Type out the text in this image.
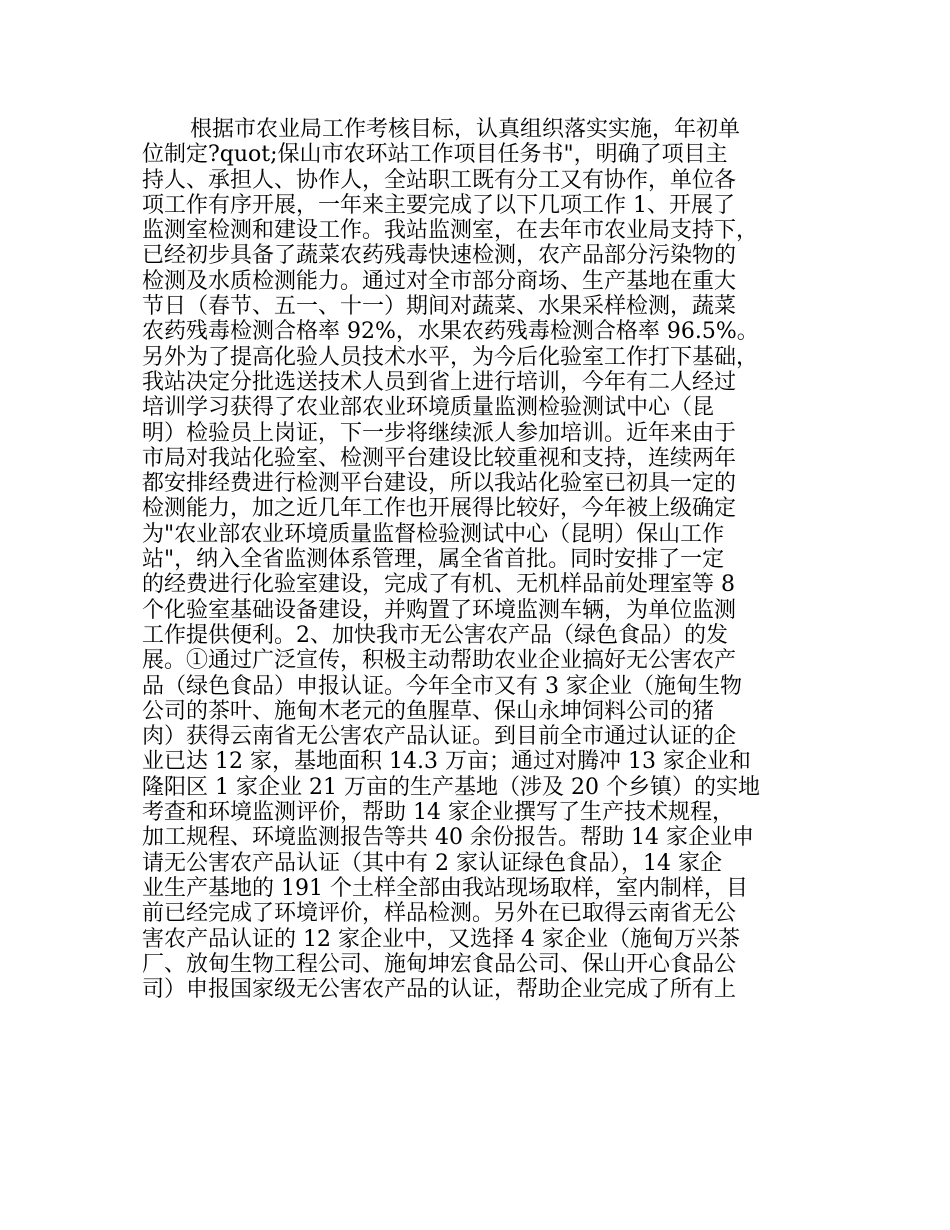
根据市农业局工作考核目标，认真组织落实实施，年初单
位制定?quot;保山市农环站工作项目任务书"，明确了项目主
持人、承担人、协作人，全站职工既有分工又有协作，单位各
项工作有序开展，一年来主要完成了以下几项工作 1、开展了
监测室检测和建设工作。我站监测室，在去年市农业局支持下，
已经初步具备了蔬菜农药残毒快速检测，农产品部分污染物的
检测及水质检测能力。通过对全市部分商场、生产基地在重大
节日（春节、五一、十一）期间对蔬菜、水果采样检测，蔬菜
农药残毒检测合格率 92%，水果农药残毒检测合格率 96.5%。
另外为了提高化验人员技术水平，为今后化验室工作打下基础，
我站决定分批选送技术人员到省上进行培训，今年有二人经过
培训学习获得了农业部农业环境质量监测检验测试中心（昆
明）检验员上岗证，下一步将继续派人参加培训。近年来由于
市局对我站化验室、检测平台建设比较重视和支持，连续两年
都安排经费进行检测平台建设，所以我站化验室已初具一定的
检测能力，加之近几年工作也开展得比较好，今年被上级确定
为"农业部农业环境质量监督检验测试中心（昆明）保山工作
站"，纳入全省监测体系管理，属全省首批。同时安排了一定
的经费进行化验室建设，完成了有机、无机样品前处理室等 8
个化验室基础设备建设，并购置了环境监测车辆，为单位监测
工作提供便利。2、加快我市无公害农产品（绿色食品）的发
展。①通过广泛宣传，积极主动帮助农业企业搞好无公害农产
品（绿色食品）申报认证。今年全市又有 3 家企业（施甸生物
公司的茶叶、施甸木老元的鱼腥草、保山永坤饲料公司的猪
肉）获得云南省无公害农产品认证。到目前全市通过认证的企
业已达 12 家，基地面积 14.3 万亩；通过对腾冲 13 家企业和
隆阳区 1 家企业 21 万亩的生产基地（涉及 20 个乡镇）的实地
考查和环境监测评价，帮助 14 家企业撰写了生产技术规程，
加工规程、环境监测报告等共 40 余份报告。帮助 14 家企业申
请无公害农产品认证（其中有 2 家认证绿色食品），14 家企
业生产基地的 191 个土样全部由我站现场取样，室内制样，目
前已经完成了环境评价，样品检测。另外在已取得云南省无公
害农产品认证的 12 家企业中，又选择 4 家企业（施甸万兴茶
厂、放甸生物工程公司、施甸坤宏食品公司、保山开心食品公
司）申报国家级无公害农产品的认证，帮助企业完成了所有上
